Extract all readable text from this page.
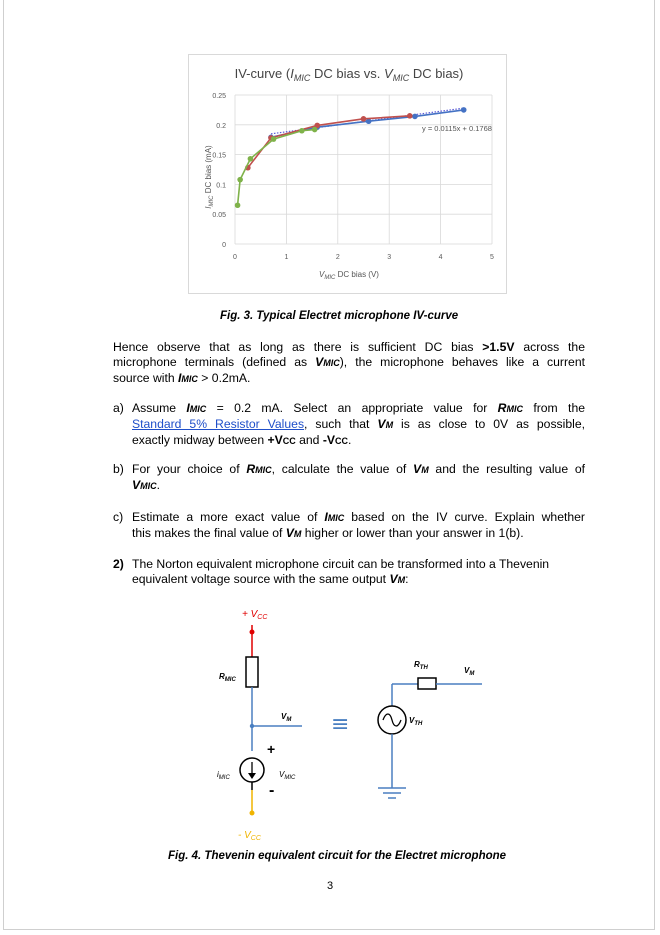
IV-curve ($I_{MIC}$ DC bias vs. $V_{MIC}$ DC bias)
0
0.05
0.1
0.15
0.2
0.25
0	1	2	3	4	5
y = 0.0115x + 0.1768
$V_{MIC}$ DC bias (V)
$I_{MIC}$ DC bias (mA)
Fig. 3. Typical Electret microphone IV-curve
Hence observe that as long as there is sufficient DC bias >1.5V across the
microphone terminals (defined as VMIC), the microphone behaves like a current
source with IMIC > 0.2mA.
a) Assume IMIC = 0.2 mA. Select an appropriate value for RMIC from the
Standard 5% Resistor Values, such that VM is as close to 0V as possible,
exactly midway between +VCC and -VCC.
b) For your choice of RMIC, calculate the value of VM and the resulting value of
VMIC.
c) Estimate a more exact value of IMIC based on the IV curve. Explain whether
this makes the final value of VM higher or lower than your answer in 1(b).
2) The Norton equivalent microphone circuit can be transformed into a Thevenin
equivalent voltage source with the same output VM:
+ $V_{CC}$
$R_{MIC}$
$V_M$
+
$i_{MIC}$	$V_{MIC}$
-
- $V_{CC}$
≡
$R_{TH}$	$V_M$
$V_{TH}$
Fig. 4. Thevenin equivalent circuit for the Electret microphone
3
